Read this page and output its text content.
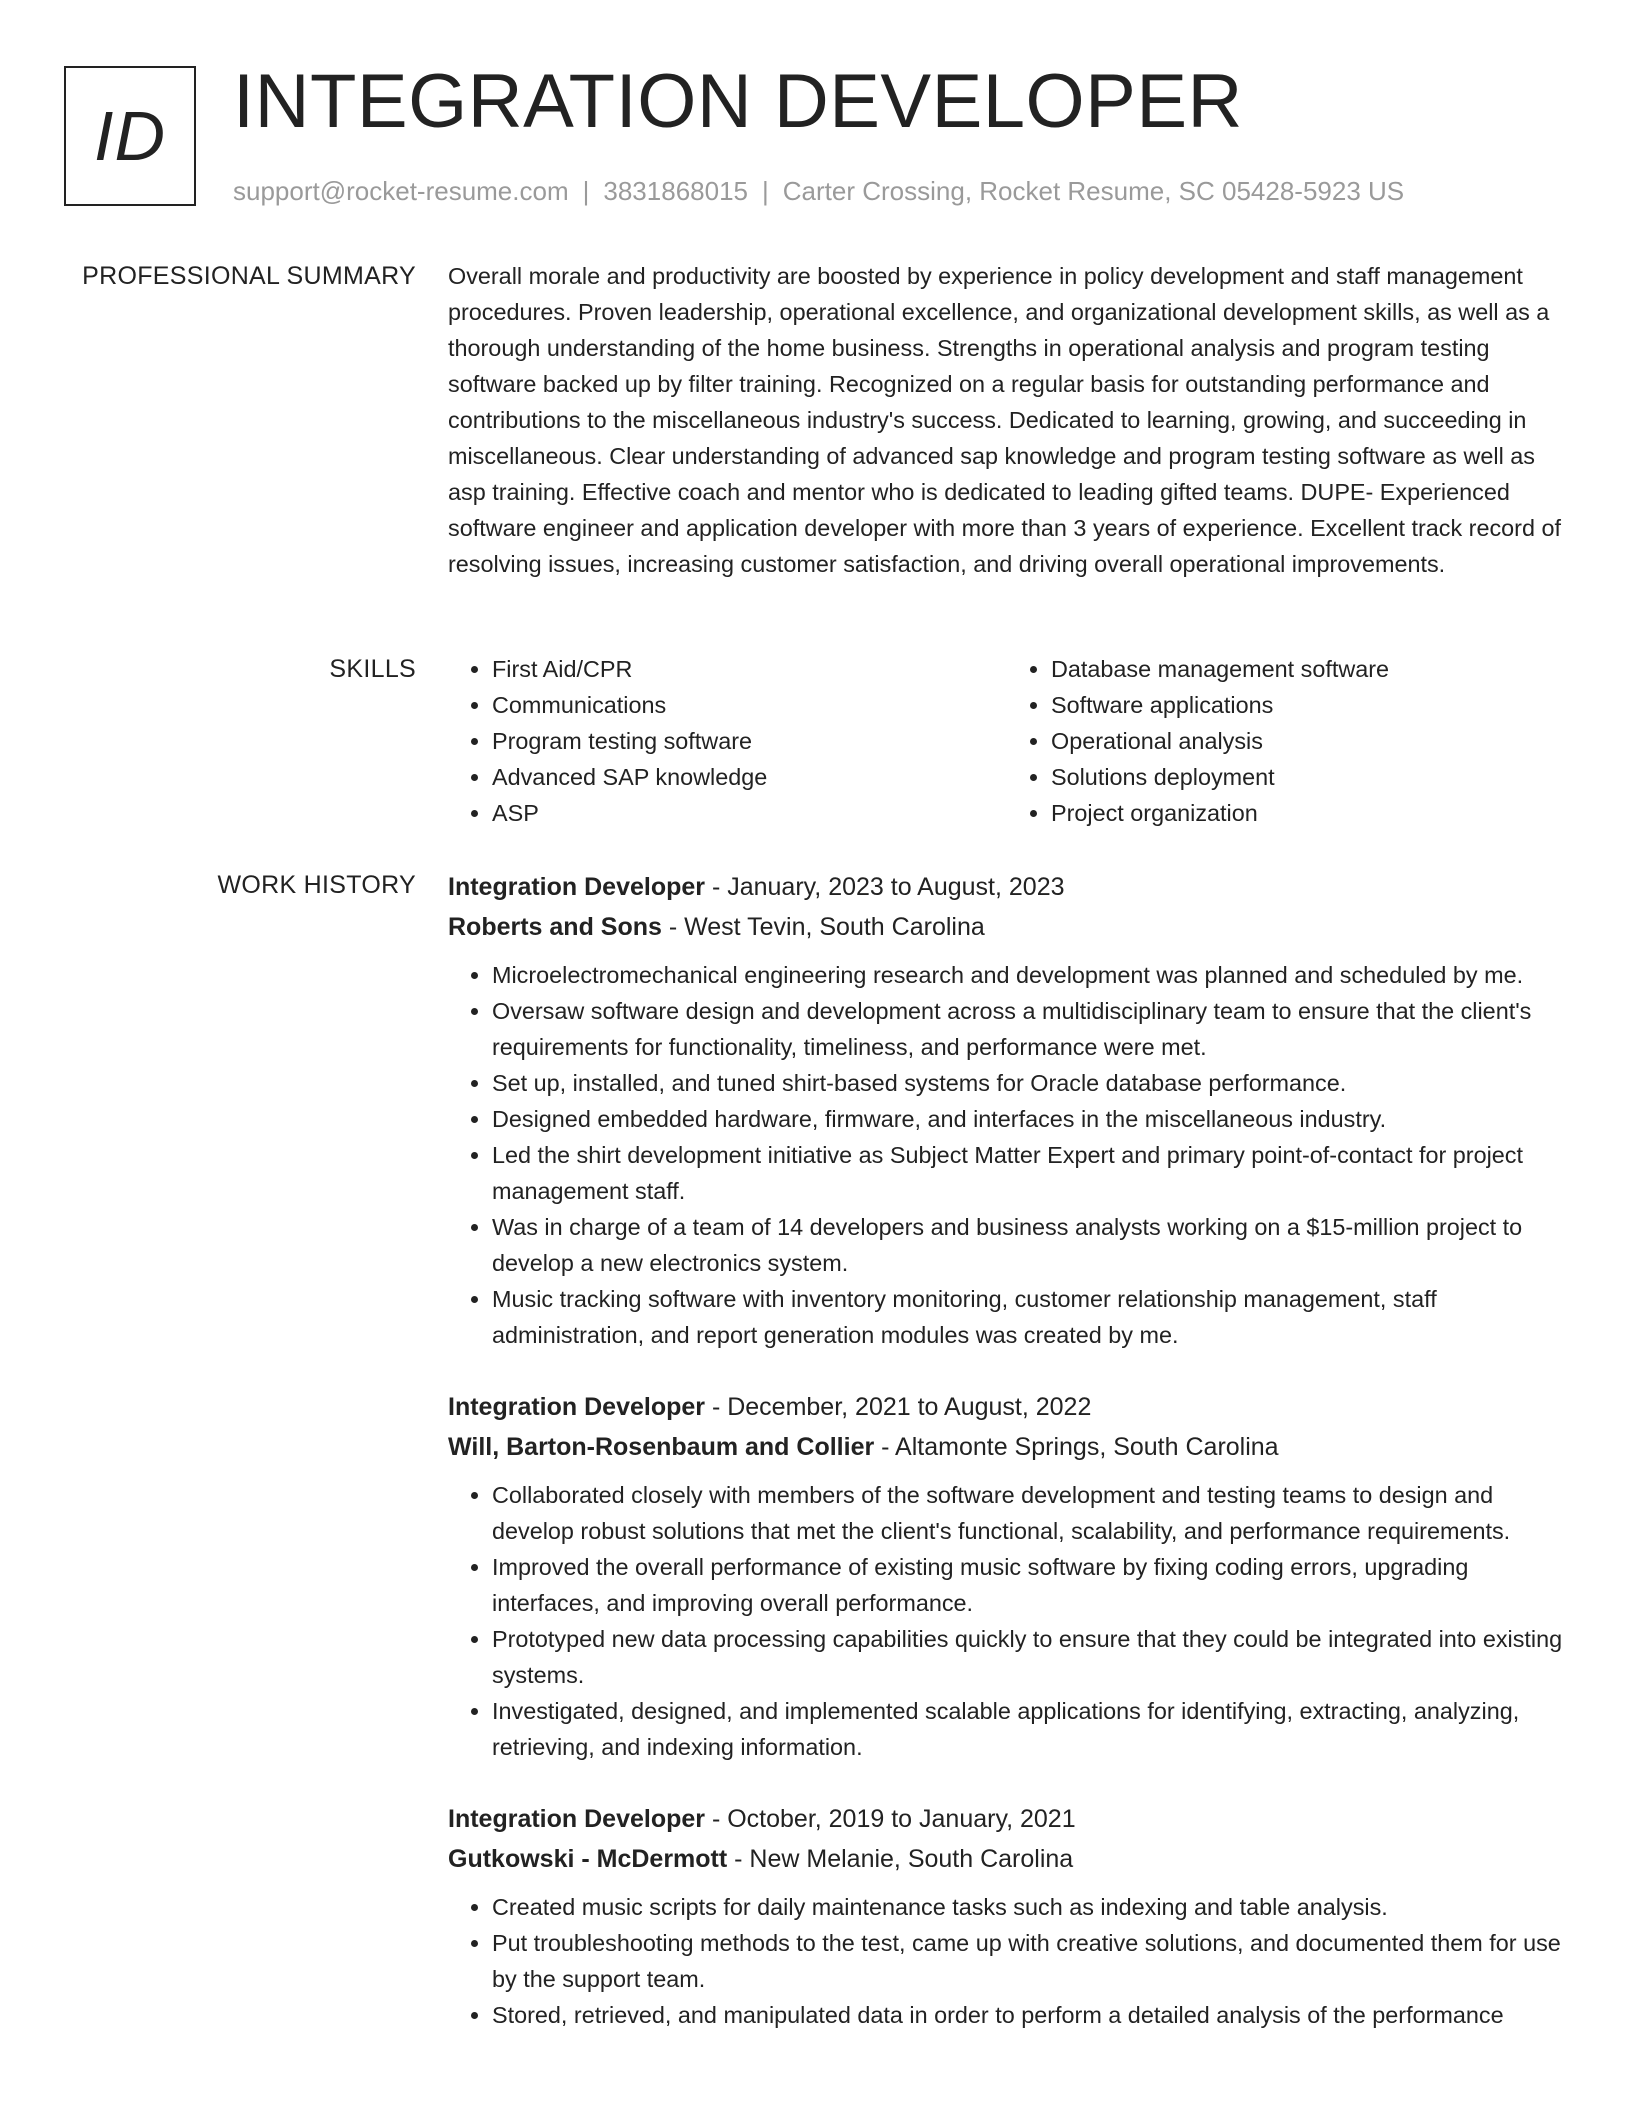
ID INTEGRATION DEVELOPER
support@rocket-resume.com | 3831868015 | Carter Crossing, Rocket Resume, SC 05428-5923 US
PROFESSIONAL SUMMARY Overall morale and productivity are boosted by experience in policy development and staff management procedures. Proven leadership, operational excellence, and organizational development skills, as well as a thorough understanding of the home business. Strengths in operational analysis and program testing software backed up by filter training. Recognized on a regular basis for outstanding performance and contributions to the miscellaneous industry's success. Dedicated to learning, growing, and succeeding in miscellaneous. Clear understanding of advanced sap knowledge and program testing software as well as asp training. Effective coach and mentor who is dedicated to leading gifted teams. DUPE- Experienced software engineer and application developer with more than 3 years of experience. Excellent track record of resolving issues, increasing customer satisfaction, and driving overall operational improvements.

SKILLS
•	First Aid/CPR
• Communications
• Program testing software
• Advanced SAP knowledge
• ASP
• Database management software
• Software applications
• Operational analysis
• Solutions deployment
• Project organization
WORK HISTORY Integration Developer - January, 2023 to August, 2023
Roberts and Sons - West Tevin, South Carolina
• Microelectromechanical engineering research and development was planned and scheduled by me.
• Oversaw software design and development across a multidisciplinary team to ensure that the client's requirements for functionality, timeliness, and performance were met.
• Set up, installed, and tuned shirt-based systems for Oracle database performance.
• Designed embedded hardware, firmware, and interfaces in the miscellaneous industry.
• Led the shirt development initiative as Subject Matter Expert and primary point-of-contact for project management staff.
• Was in charge of a team of 14 developers and business analysts working on a $15-million project to develop a new electronics system.
• Music tracking software with inventory monitoring, customer relationship management, staff administration, and report generation modules was created by me.
Integration Developer - December, 2021 to August, 2022
Will, Barton-Rosenbaum and Collier - Altamonte Springs, South Carolina
• Collaborated closely with members of the software development and testing teams to design and develop robust solutions that met the client's functional, scalability, and performance requirements.
• Improved the overall performance of existing music software by fixing coding errors, upgrading interfaces, and improving overall performance.
• Prototyped new data processing capabilities quickly to ensure that they could be integrated into existing systems.
• Investigated, designed, and implemented scalable applications for identifying, extracting, analyzing, retrieving, and indexing information.
Integration Developer - October, 2019 to January, 2021
Gutkowski - McDermott - New Melanie, South Carolina
• Created music scripts for daily maintenance tasks such as indexing and table analysis.
• Put troubleshooting methods to the test, came up with creative solutions, and documented them for use by the support team.
• Stored, retrieved, and manipulated data in order to perform a detailed analysis of the performance
